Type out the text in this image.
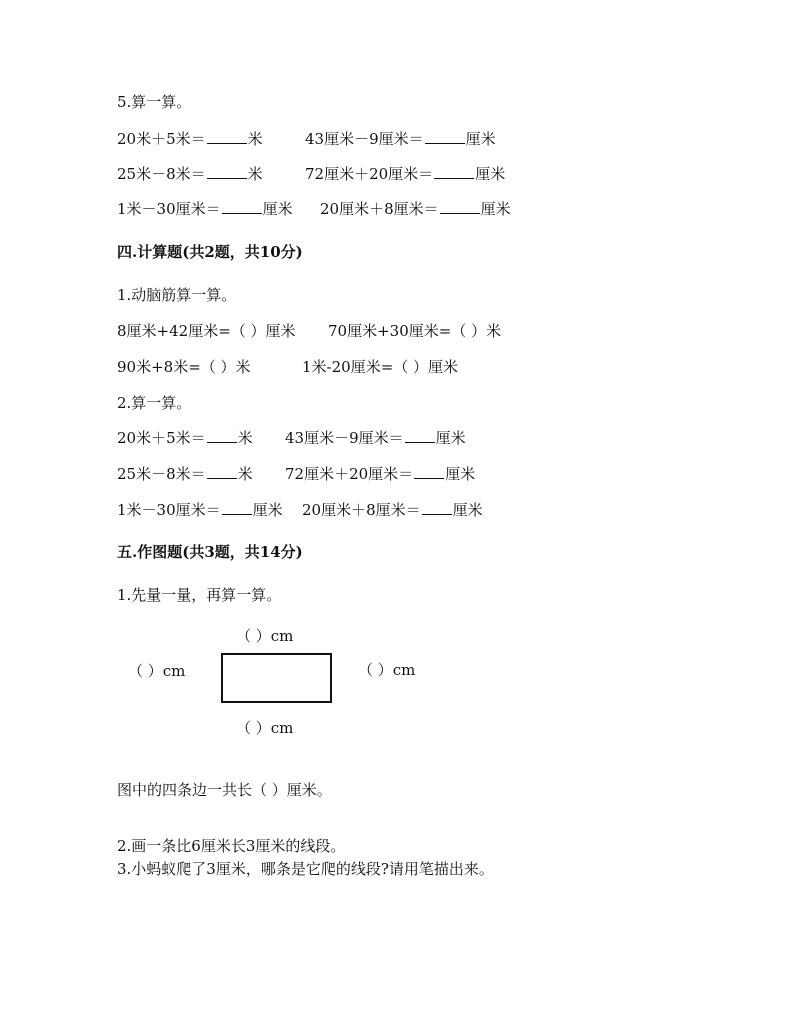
5.算一算。
20米＋5米＝	米	43厘米－9厘米＝	厘米
25米－8米＝	米	72厘米＋20厘米＝	厘米
1米－30厘米＝	厘米 20厘米＋8厘米＝	厘米
四.计算题(共2题，共10分)
1.动脑筋算一算。
8厘米+42厘米=（ ）厘米 70厘米+30厘米=（ ）米
90米+8米=（ ）米	1米-20厘米=（ ）厘米
2.算一算。
20米＋5米＝ 米 43厘米－9厘米＝ 厘米
25米－8米＝ 米 72厘米＋20厘米＝ 厘米
1米－30厘米＝ 厘米 20厘米＋8厘米＝ 厘米
五.作图题(共3题，共14分)
1.先量一量，再算一算。
（ ）cm
（ ）cm	（ ）cm
（ ）cm
图中的四条边一共长（ ）厘米。
2.画一条比6厘米长3厘米的线段。
3.小蚂蚁爬了3厘米，哪条是它爬的线段?请用笔描出来。
